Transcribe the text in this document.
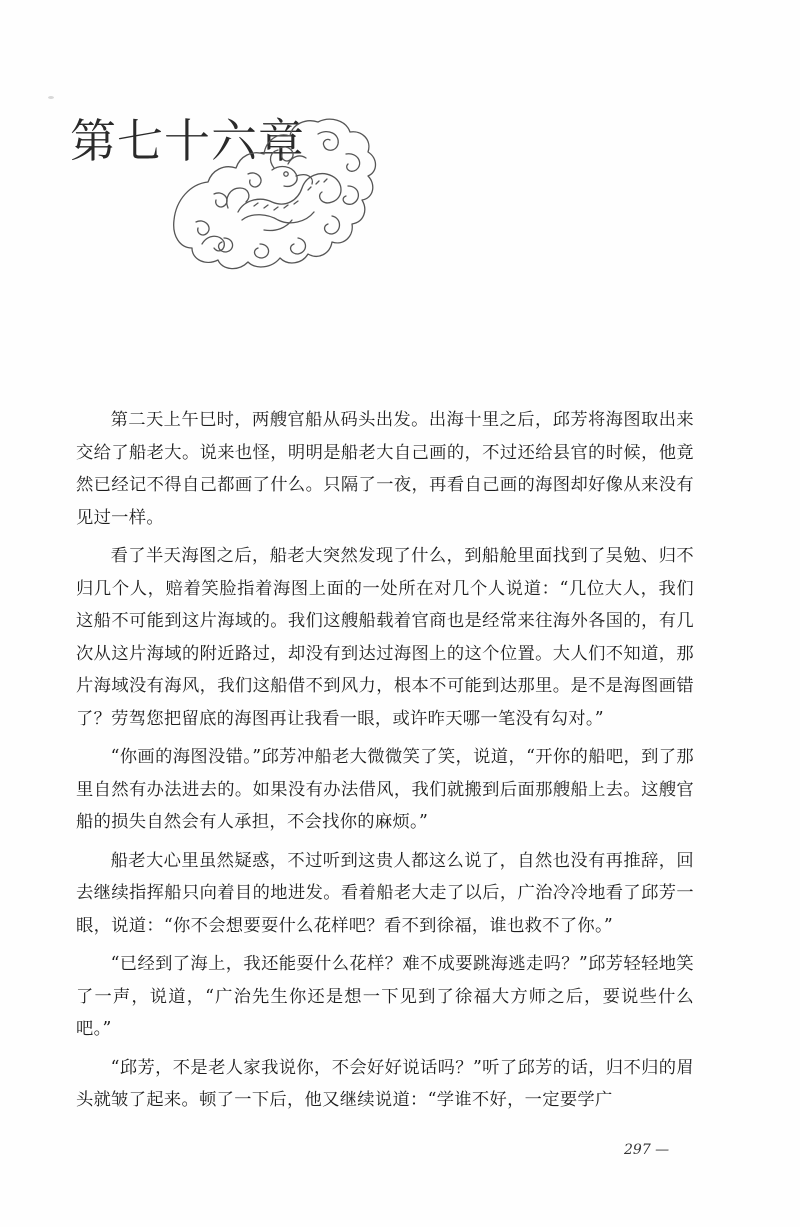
第七十六章

第二天上午巳时，两艘官船从码头出发。出海十里之后，邱芳将海图取出来交给了船老大。说来也怪，明明是船老大自己画的，不过还给县官的时候，他竟然已经记不得自己都画了什么。只隔了一夜，再看自己画的海图却好像从来没有见过一样。

看了半天海图之后，船老大突然发现了什么，到船舱里面找到了吴勉、归不归几个人，赔着笑脸指着海图上面的一处所在对几个人说道：“几位大人，我们这船不可能到这片海域的。我们这艘船载着官商也是经常来往海外各国的，有几次从这片海域的附近路过，却没有到达过海图上的这个位置。大人们不知道，那片海域没有海风，我们这船借不到风力，根本不可能到达那里。是不是海图画错了？劳驾您把留底的海图再让我看一眼，或许昨天哪一笔没有勾对。”

“你画的海图没错。”邱芳冲船老大微微笑了笑，说道，“开你的船吧，到了那里自然有办法进去的。如果没有办法借风，我们就搬到后面那艘船上去。这艘官船的损失自然会有人承担，不会找你的麻烦。”

船老大心里虽然疑惑，不过听到这贵人都这么说了，自然也没有再推辞，回去继续指挥船只向着目的地进发。看着船老大走了以后，广治冷冷地看了邱芳一眼，说道：“你不会想要耍什么花样吧？看不到徐福，谁也救不了你。”

“已经到了海上，我还能耍什么花样？难不成要跳海逃走吗？”邱芳轻轻地笑了一声，说道，“广治先生你还是想一下见到了徐福大方师之后，要说些什么吧。”

“邱芳，不是老人家我说你，不会好好说话吗？”听了邱芳的话，归不归的眉头就皱了起来。顿了一下后，他又继续说道：“学谁不好，一定要学广

297 —
